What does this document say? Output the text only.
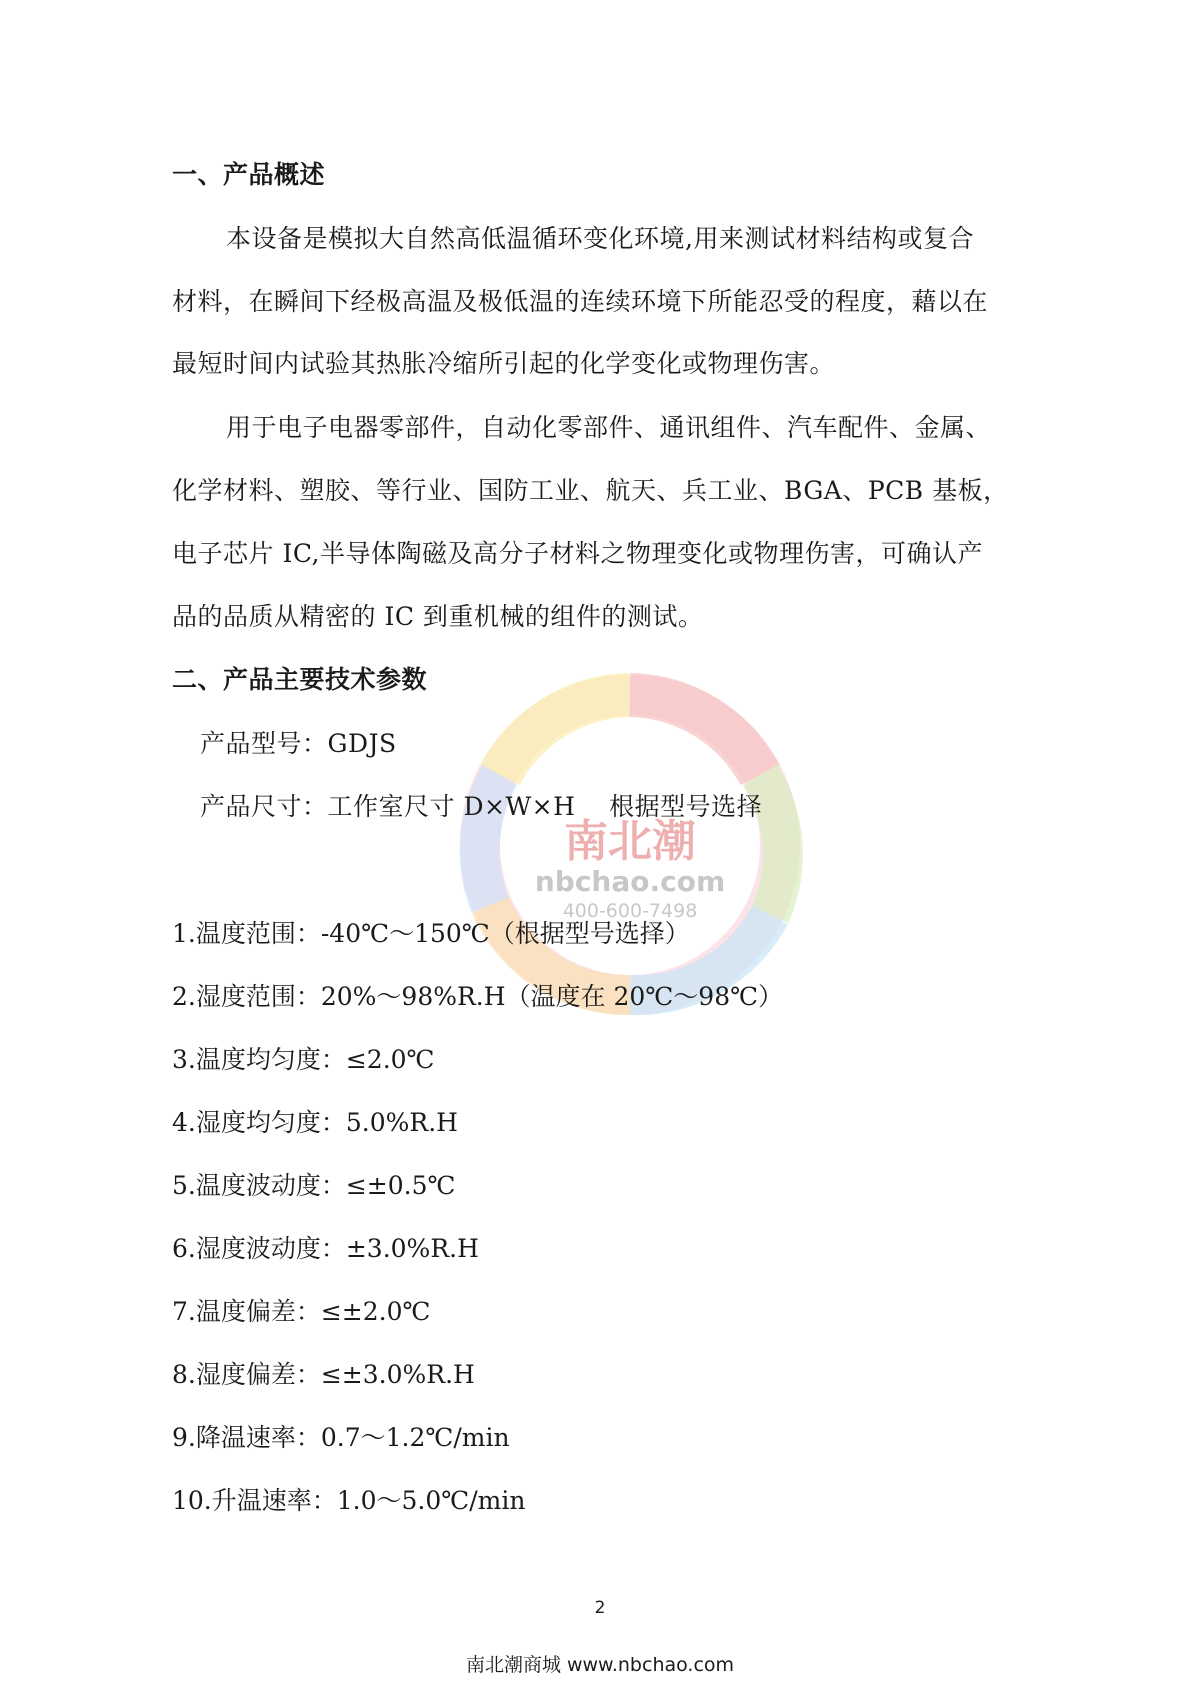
南北潮
nbchao.com
400-600-7498
一、产品概述
本设备是模拟大自然高低温循环变化环境,用来测试材料结构或复合
材料，在瞬间下经极高温及极低温的连续环境下所能忍受的程度，藉以在
最短时间内试验其热胀冷缩所引起的化学变化或物理伤害。
用于电子电器零部件，自动化零部件、通讯组件、汽车配件、金属、
化学材料、塑胶、等行业、国防工业、航天、兵工业、BGA、PCB 基板，
电子芯片 IC,半导体陶磁及高分子材料之物理变化或物理伤害，可确认产
品的品质从精密的 IC 到重机械的组件的测试。
二、产品主要技术参数
产品型号：GDJS
产品尺寸：工作室尺寸 D×W×H    根据型号选择
1.温度范围：-40℃～150℃（根据型号选择）
2.湿度范围：20%～98%R.H（温度在 20℃～98℃）
3.温度均匀度：≤2.0℃
4.湿度均匀度：5.0%R.H
5.温度波动度：≤±0.5℃
6.湿度波动度：±3.0%R.H
7.温度偏差：≤±2.0℃
8.湿度偏差：≤±3.0%R.H
9.降温速率：0.7～1.2℃/min
10.升温速率：1.0～5.0℃/min
2
南北潮商城 www.nbchao.com
